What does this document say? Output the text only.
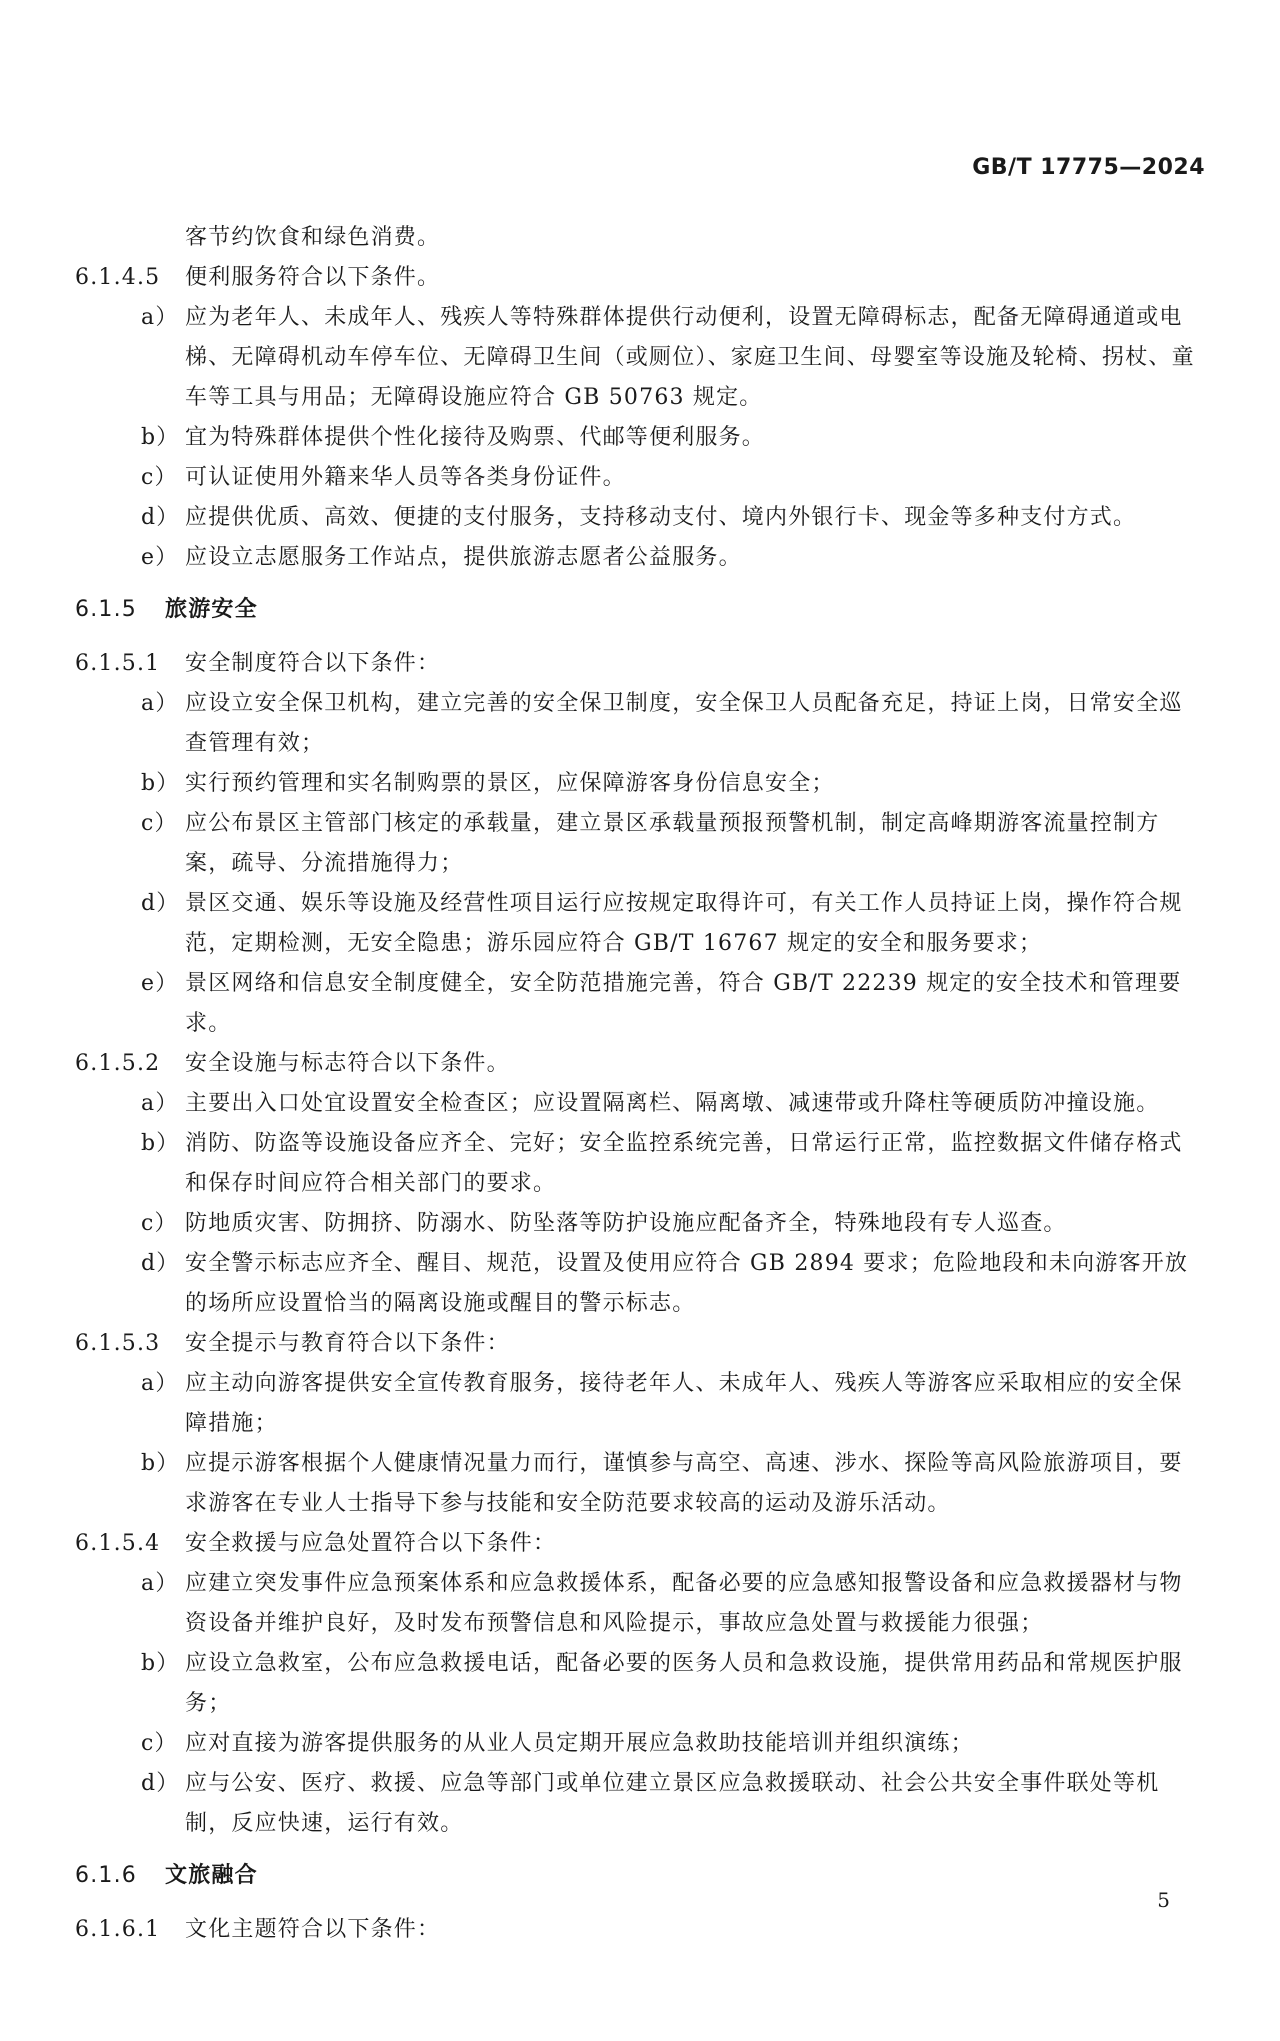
GB/T 17775—2024
客节约饮食和绿色消费。
6.1.4.5 便利服务符合以下条件。
a） 应为老年人、未成年人、残疾人等特殊群体提供行动便利，设置无障碍标志，配备无障碍通道或电梯、无障碍机动车停车位、无障碍卫生间（或厕位）、家庭卫生间、母婴室等设施及轮椅、拐杖、童车等工具与用品；无障碍设施应符合 GB 50763 规定。
b） 宜为特殊群体提供个性化接待及购票、代邮等便利服务。
c） 可认证使用外籍来华人员等各类身份证件。
d） 应提供优质、高效、便捷的支付服务，支持移动支付、境内外银行卡、现金等多种支付方式。
e） 应设立志愿服务工作站点，提供旅游志愿者公益服务。
6.1.5 旅游安全
6.1.5.1 安全制度符合以下条件：
a） 应设立安全保卫机构，建立完善的安全保卫制度，安全保卫人员配备充足，持证上岗，日常安全巡查管理有效；
b） 实行预约管理和实名制购票的景区，应保障游客身份信息安全；
c） 应公布景区主管部门核定的承载量，建立景区承载量预报预警机制，制定高峰期游客流量控制方案，疏导、分流措施得力；
d） 景区交通、娱乐等设施及经营性项目运行应按规定取得许可，有关工作人员持证上岗，操作符合规范，定期检测，无安全隐患；游乐园应符合 GB/T 16767 规定的安全和服务要求；
e） 景区网络和信息安全制度健全，安全防范措施完善，符合 GB/T 22239 规定的安全技术和管理要求。
6.1.5.2 安全设施与标志符合以下条件。
a） 主要出入口处宜设置安全检查区；应设置隔离栏、隔离墩、减速带或升降柱等硬质防冲撞设施。
b） 消防、防盗等设施设备应齐全、完好；安全监控系统完善，日常运行正常，监控数据文件储存格式和保存时间应符合相关部门的要求。
c） 防地质灾害、防拥挤、防溺水、防坠落等防护设施应配备齐全，特殊地段有专人巡查。
d） 安全警示标志应齐全、醒目、规范，设置及使用应符合 GB 2894 要求；危险地段和未向游客开放的场所应设置恰当的隔离设施或醒目的警示标志。
6.1.5.3 安全提示与教育符合以下条件：
a） 应主动向游客提供安全宣传教育服务，接待老年人、未成年人、残疾人等游客应采取相应的安全保障措施；
b） 应提示游客根据个人健康情况量力而行，谨慎参与高空、高速、涉水、探险等高风险旅游项目，要求游客在专业人士指导下参与技能和安全防范要求较高的运动及游乐活动。
6.1.5.4 安全救援与应急处置符合以下条件：
a） 应建立突发事件应急预案体系和应急救援体系，配备必要的应急感知报警设备和应急救援器材与物资设备并维护良好，及时发布预警信息和风险提示，事故应急处置与救援能力很强；
b） 应设立急救室，公布应急救援电话，配备必要的医务人员和急救设施，提供常用药品和常规医护服务；
c） 应对直接为游客提供服务的从业人员定期开展应急救助技能培训并组织演练；
d） 应与公安、医疗、救援、应急等部门或单位建立景区应急救援联动、社会公共安全事件联处等机制，反应快速，运行有效。
6.1.6 文旅融合
6.1.6.1 文化主题符合以下条件：
5
